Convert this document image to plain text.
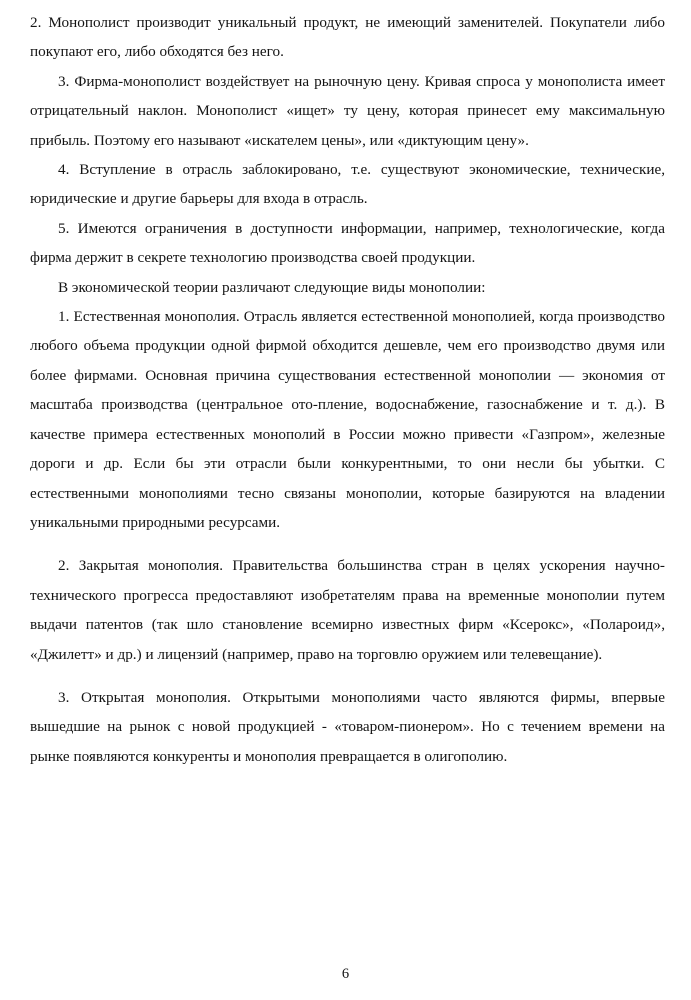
2. Монополист производит уникальный продукт, не имеющий заменителей. Покупатели либо покупают его, либо обходятся без него.

3. Фирма-монополист воздействует на рыночную цену. Кривая спроса у монополиста имеет отрицательный наклон. Монополист «ищет» ту цену, которая принесет ему максимальную прибыль. Поэтому его называют «искателем цены», или «диктующим цену».

4. Вступление в отрасль заблокировано, т.е. существуют экономические, технические, юридические и другие барьеры для входа в отрасль.

5. Имеются ограничения в доступности информации, например, технологические, когда фирма держит в секрете технологию производства своей продукции.

В экономической теории различают следующие виды монополии:

1. Естественная монополия. Отрасль является естественной монополией, когда производство любого объема продукции одной фирмой обходится дешевле, чем его производство двумя или более фирмами. Основная причина существования естественной монополии — экономия от масштаба производства (центральное ото-пление, водоснабжение, газоснабжение и т. д.). В качестве примера естественных монополий в России можно привести «Газпром», железные дороги и др. Если бы эти отрасли были конкурентными, то они несли бы убытки. С естественными монополиями тесно связаны монополии, которые базируются на владении уникальными природными ресурсами.

2. Закрытая монополия. Правительства большинства стран в целях ускорения научно-технического прогресса предоставляют изобретателям права на временные монополии путем выдачи патентов (так шло становление всемирно известных фирм «Ксерокс», «Полароид», «Джилетт» и др.) и лицензий (например, право на торговлю оружием или телевещание).

3. Открытая монополия. Открытыми монополиями часто являются фирмы, впервые вышедшие на рынок с новой продукцией - «товаром-пионером». Но с течением времени на рынке появляются конкуренты и монополия превращается в олигополию.

6
